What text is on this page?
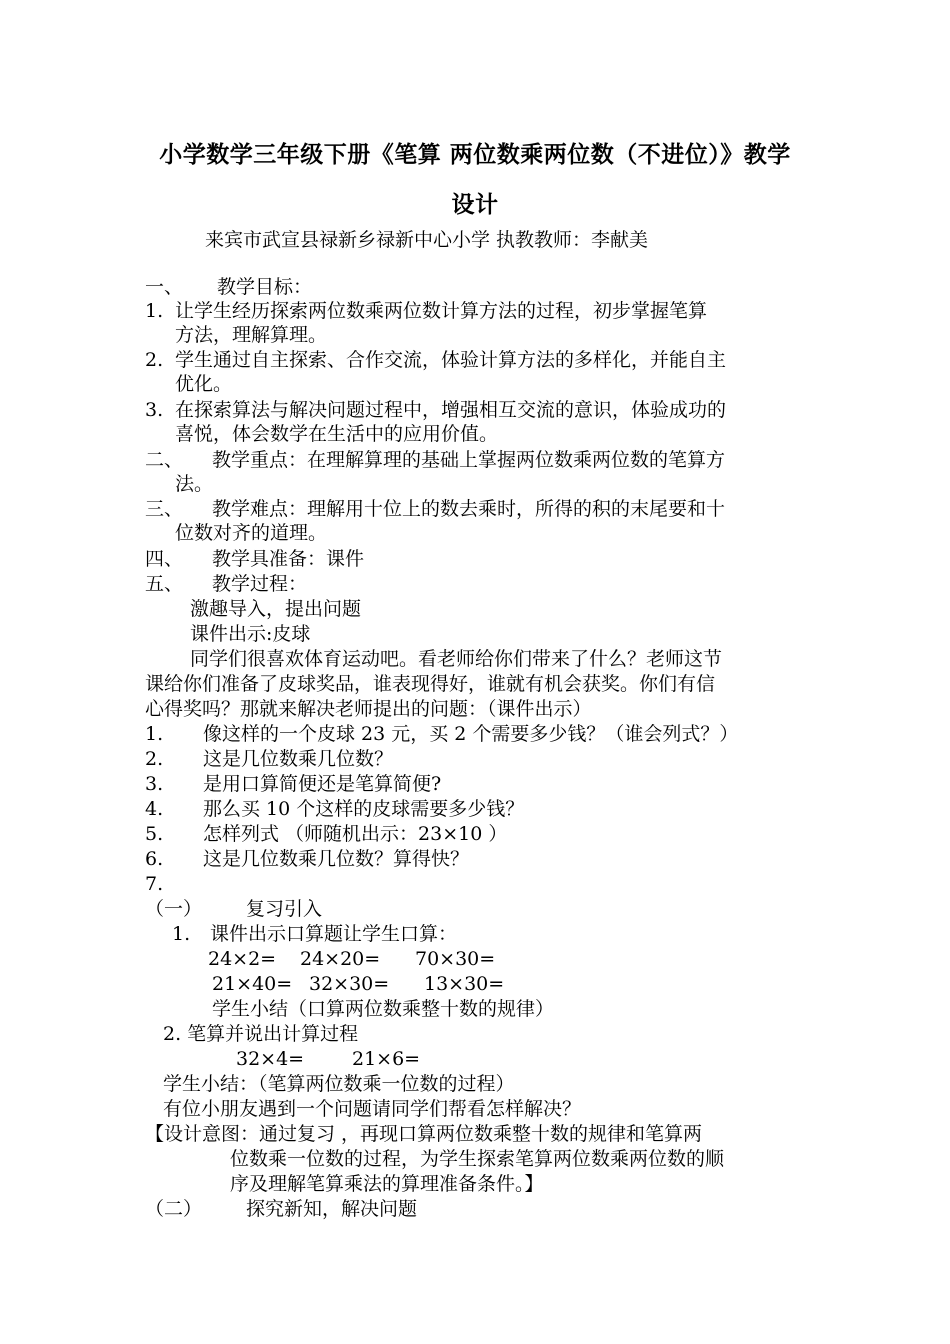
小学数学三年级下册《笔算 两位数乘两位数（不进位）》教学
设计
来宾市武宣县禄新乡禄新中心小学 执教教师：李献美
一、 教学目标：
1. 让学生经历探索两位数乘两位数计算方法的过程，初步掌握笔算
方法，理解算理。
2. 学生通过自主探索、合作交流，体验计算方法的多样化，并能自主
优化。
3. 在探索算法与解决问题过程中，增强相互交流的意识，体验成功的
喜悦，体会数学在生活中的应用价值。
二、 教学重点：在理解算理的基础上掌握两位数乘两位数的笔算方
法。
三、 教学难点：理解用十位上的数去乘时，所得的积的末尾要和十
位数对齐的道理。
四、 教学具准备：课件
五、 教学过程：
激趣导入，提出问题
课件出示:皮球
同学们很喜欢体育运动吧。看老师给你们带来了什么？老师这节
课给你们准备了皮球奖品，谁表现得好，谁就有机会获奖。你们有信
心得奖吗？那就来解决老师提出的问题：（课件出示）
1. 像这样的一个皮球 23 元，买 2 个需要多少钱？（谁会列式？）
2. 这是几位数乘几位数？
3. 是用口算简便还是笔算简便?
4. 那么买 10 个这样的皮球需要多少钱？
5. 怎样列式 （师随机出示：23×10 ）
6. 这是几位数乘几位数？算得快？
7.
（一） 复习引入
1. 课件出示口算题让学生口算：
24×2= 24×20= 70×30=
21×40= 32×30= 13×30=
学生小结（口算两位数乘整十数的规律）
2. 笔算并说出计算过程
32×4=	21×6=
学生小结：（笔算两位数乘一位数的过程）
有位小朋友遇到一个问题请同学们帮看怎样解决？
【设计意图：通过复习 ，再现口算两位数乘整十数的规律和笔算两
位数乘一位数的过程，为学生探索笔算两位数乘两位数的顺
序及理解笔算乘法的算理准备条件。】
（二） 探究新知，解决问题
